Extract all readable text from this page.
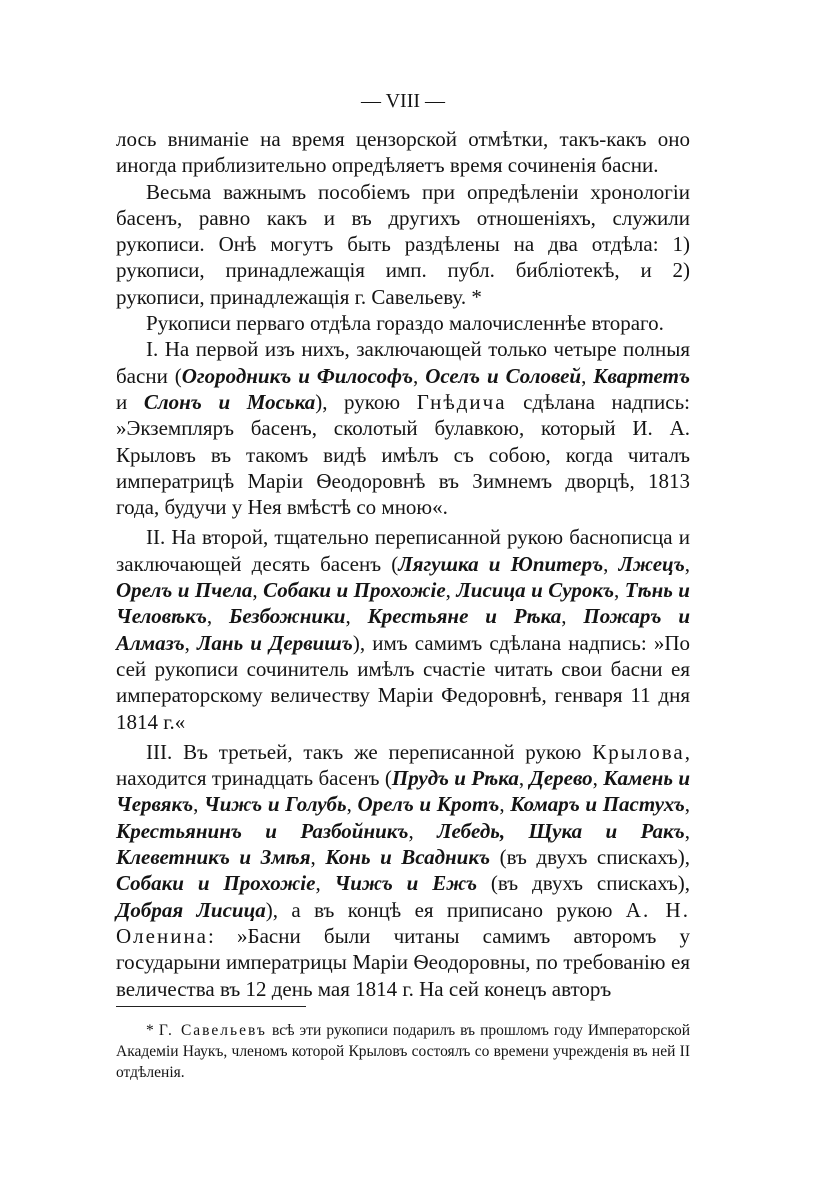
— VIII —

лось вниманіе на время цензорской отмѣтки, такъ-какъ оно иногда приблизительно опредѣляетъ время сочиненія басни.

Весьма важнымъ пособіемъ при опредѣленіи хронологіи басенъ, равно какъ и въ другихъ отношеніяхъ, служили рукописи. Онѣ могутъ быть раздѣлены на два отдѣла: 1) рукописи, принадлежащія имп. публ. библіотекѣ, и 2) рукописи, принадлежащія г. Савельеву. *

Рукописи перваго отдѣла гораздо малочисленнѣе втораго.

I. На первой изъ нихъ, заключающей только четыре полныя басни (Огородникъ и Философъ, Оселъ и Соловей, Квартетъ и Слонъ и Моська), рукою Гнѣдича сдѣлана надпись: »Экземпляръ басенъ, сколотый булавкою, который И. А. Крыловъ въ такомъ видѣ имѣлъ съ собою, когда читалъ императрицѣ Маріи Ѳеодоровнѣ въ Зимнемъ дворцѣ, 1813 года, будучи у Нея вмѣстѣ со мною«.

II. На второй, тщательно переписанной рукою баснописца и заключающей десять басенъ (Лягушка и Юпитеръ, Лжецъ, Орелъ и Пчела, Собаки и Прохожіе, Лисица и Сурокъ, Тѣнь и Человѣкъ, Безбожники, Крестьяне и Рѣка, Пожаръ и Алмазъ, Лань и Дервишъ), имъ самимъ сдѣлана надпись: »По сей рукописи сочинитель имѣлъ счастіе читать свои басни ея императорскому величеству Маріи Федоровнѣ, генваря 11 дня 1814 г.«

III. Въ третьей, такъ же переписанной рукою Крылова, находится тринадцать басенъ (Прудъ и Рѣка, Дерево, Камень и Червякъ, Чижъ и Голубь, Орелъ и Кротъ, Комаръ и Пастухъ, Крестьянинъ и Разбойникъ, Лебедь, Щука и Ракъ, Клеветникъ и Змѣя, Конь и Всадникъ (въ двухъ спискахъ), Собаки и Прохожіе, Чижъ и Ежъ (въ двухъ спискахъ), Добрая Лисица), а въ концѣ ея приписано рукою А. Н. Оленина: »Басни были читаны самимъ авторомъ у государыни императрицы Маріи Ѳеодоровны, по требованію ея величества въ 12 день мая 1814 г. На сей конецъ авторъ

* Г. Савельевъ всѣ эти рукописи подарилъ въ прошломъ году Императорской Академіи Наукъ, членомъ которой Крыловъ состоялъ со времени учрежденія въ ней II отдѣленія.
